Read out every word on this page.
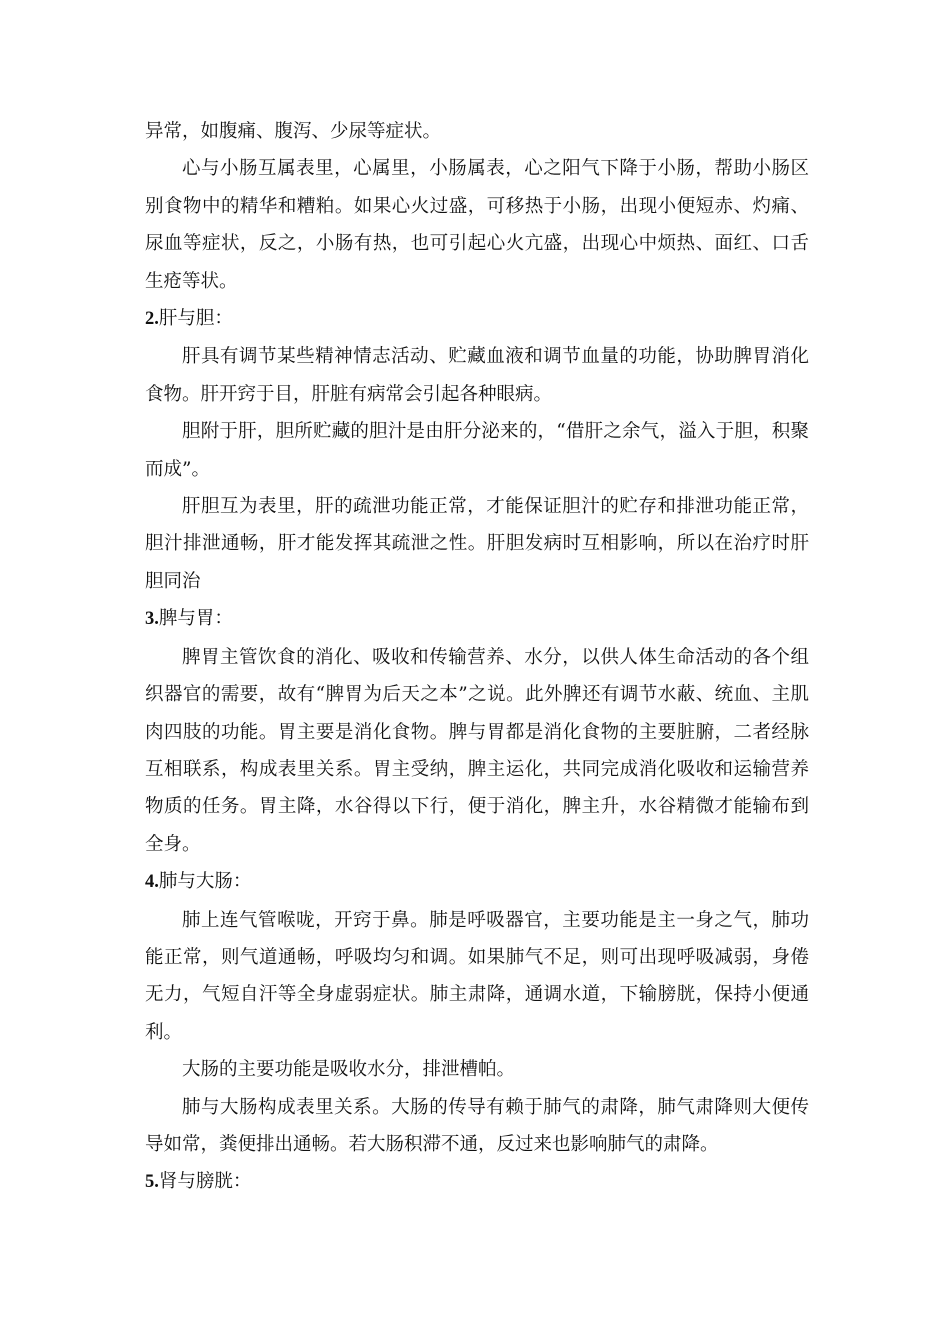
异常，如腹痛、腹泻、少尿等症状。

心与小肠互属表里，心属里，小肠属表，心之阳气下降于小肠，帮助小肠区别食物中的精华和糟粕。如果心火过盛，可移热于小肠，出现小便短赤、灼痛、尿血等症状，反之，小肠有热，也可引起心火亢盛，出现心中烦热、面红、口舌生疮等状。

2.肝与胆：

肝具有调节某些精神情志活动、贮藏血液和调节血量的功能，协助脾胃消化食物。肝开窍于目，肝脏有病常会引起各种眼病。

胆附于肝，胆所贮藏的胆汁是由肝分泌来的，“借肝之余气，溢入于胆，积聚而成”。

肝胆互为表里，肝的疏泄功能正常，才能保证胆汁的贮存和排泄功能正常，胆汁排泄通畅，肝才能发挥其疏泄之性。肝胆发病时互相影响，所以在治疗时肝胆同治

3.脾与胃：

脾胃主管饮食的消化、吸收和传输营养、水分，以供人体生命活动的各个组织器官的需要，故有“脾胃为后天之本”之说。此外脾还有调节水蔽、统血、主肌肉四肢的功能。胃主要是消化食物。脾与胃都是消化食物的主要脏腑，二者经脉互相联系，构成表里关系。胃主受纳，脾主运化，共同完成消化吸收和运输营养物质的任务。胃主降，水谷得以下行，便于消化，脾主升，水谷精微才能输布到全身。

4.肺与大肠：

肺上连气管喉咙，开窍于鼻。肺是呼吸器官，主要功能是主一身之气，肺功能正常，则气道通畅，呼吸均匀和调。如果肺气不足，则可出现呼吸减弱，身倦无力，气短自汗等全身虚弱症状。肺主肃降，通调水道，下输膀胱，保持小便通利。

大肠的主要功能是吸收水分，排泄槽帕。

肺与大肠构成表里关系。大肠的传导有赖于肺气的肃降，肺气肃降则大便传导如常，粪便排出通畅。若大肠积滞不通，反过来也影响肺气的肃降。

5.肾与膀胱：
